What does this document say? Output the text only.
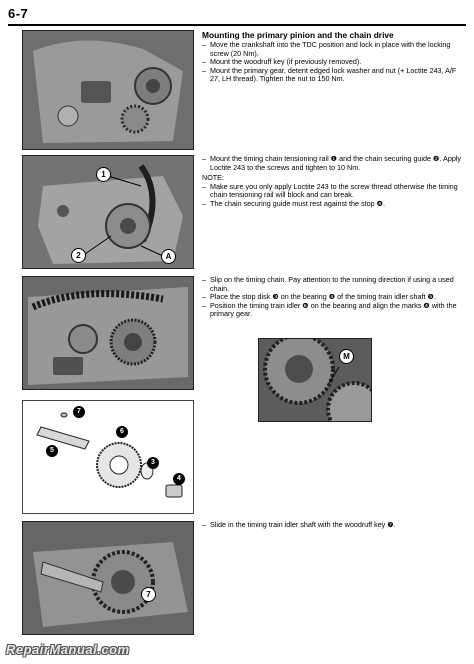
6-7
Mounting the primary pinion and the chain drive
– Move the crankshaft into the TDC position and lock in place with the locking screw (20 Nm).
– Mount the woodruff key (if previously removed).
– Mount the primary gear, detent edged lock washer and nut (+ Loctite 243, A/F 27, LH thread). Tighten the nut to 150 Nm.
1
2	A
– Mount the timing chain tensioning rail ❶ and the chain securing guide ❷. Apply Loctite 243 to the screws and tighten to 10 Nm.
NOTE:
– Make sure you only apply Loctite 243 to the screw thread otherwise the timing chain tensioning rail will block and can break.
– The chain securing guide must rest against the stop ❹.
– Slip on the timing chain. Pay attention to the running direction if using a used chain.
– Place the stop disk ❸ on the bearing ❹ of the timing train idler shaft ❺.
– Position the timing train idler ❻ on the bearing and align the marks ❹ with the primary gear.
M
7
5
6
3
4
7
– Slide in the timing train idler shaft with the woodruff key ❼.
RepairManual.com
